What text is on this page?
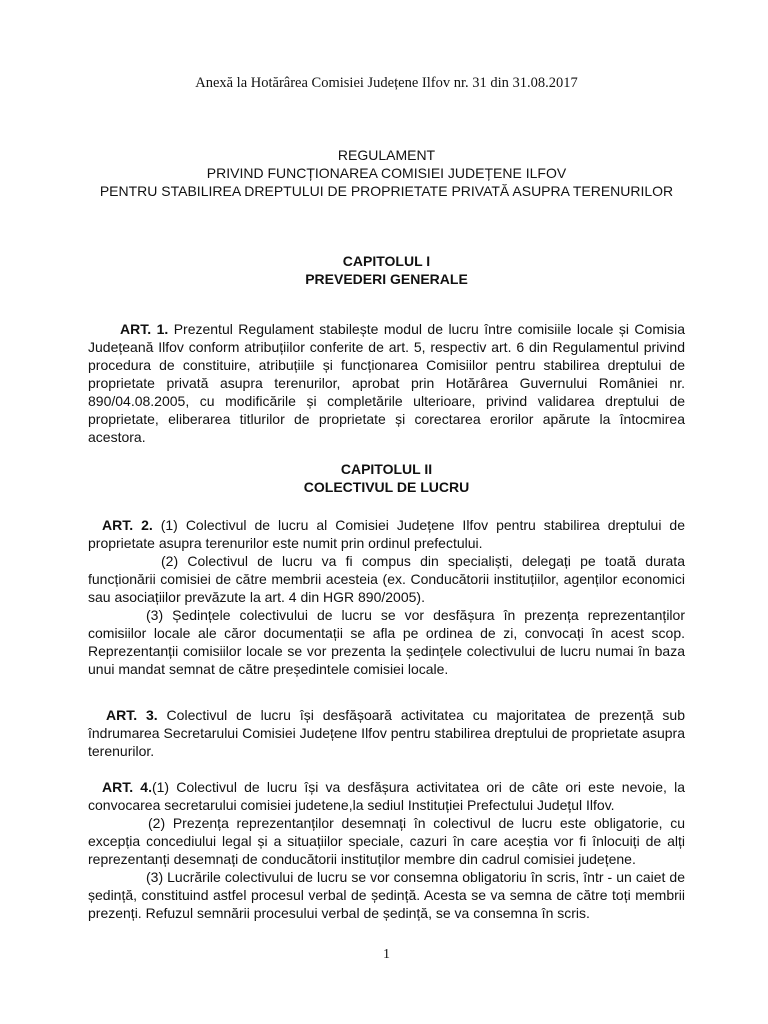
Anexă la Hotărârea Comisiei Județene Ilfov nr. 31 din 31.08.2017
REGULAMENT
PRIVIND FUNCȚIONAREA COMISIEI JUDEȚENE ILFOV
PENTRU STABILIREA DREPTULUI DE PROPRIETATE PRIVATĂ ASUPRA TERENURILOR
CAPITOLUL I
PREVEDERI GENERALE

ART. 1. Prezentul Regulament stabilește modul de lucru între comisiile locale și Comisia Județeană Ilfov conform atribuțiilor conferite de art. 5, respectiv art. 6 din Regulamentul privind procedura de constituire, atribuțiile și funcționarea Comisiilor pentru stabilirea dreptului de proprietate privată asupra terenurilor, aprobat prin Hotărârea Guvernului României nr. 890/04.08.2005, cu modificările și completările ulterioare, privind validarea dreptului de proprietate, eliberarea titlurilor de proprietate și corectarea erorilor apărute la întocmirea acestora.

CAPITOLUL II
COLECTIVUL DE LUCRU

ART. 2. (1) Colectivul de lucru al Comisiei Județene Ilfov pentru stabilirea dreptului de proprietate asupra terenurilor este numit prin ordinul prefectului.

(2) Colectivul de lucru va fi compus din specialiști, delegați pe toată durata funcționării comisiei de către membrii acesteia (ex. Conducătorii instituțiilor, agenților economici sau asociațiilor prevăzute la art. 4 din HGR 890/2005).

(3) Ședințele colectivului de lucru se vor desfășura în prezența reprezentanților comisiilor locale ale căror documentații se afla pe ordinea de zi, convocați în acest scop. Reprezentanții comisiilor locale se vor prezenta la ședințele colectivului de lucru numai în baza unui mandat semnat de către președintele comisiei locale.

ART. 3. Colectivul de lucru își desfășoară activitatea cu majoritatea de prezență sub îndrumarea Secretarului Comisiei Județene Ilfov pentru stabilirea dreptului de proprietate asupra terenurilor.

ART. 4.(1) Colectivul de lucru își va desfășura activitatea ori de câte ori este nevoie, la convocarea secretarului comisiei judetene,la sediul Instituției Prefectului Județul Ilfov.

(2) Prezența reprezentanților desemnați în colectivul de lucru este obligatorie, cu excepția concediului legal și a situațiilor speciale, cazuri în care aceștia vor fi înlocuiți de alți reprezentanți desemnați de conducătorii instituților membre din cadrul comisiei județene.

(3) Lucrările colectivului de lucru se vor consemna obligatoriu în scris, într - un caiet de ședință, constituind astfel procesul verbal de ședință. Acesta se va semna de către toți membrii prezenți. Refuzul semnării procesului verbal de ședință, se va consemna în scris.

1
